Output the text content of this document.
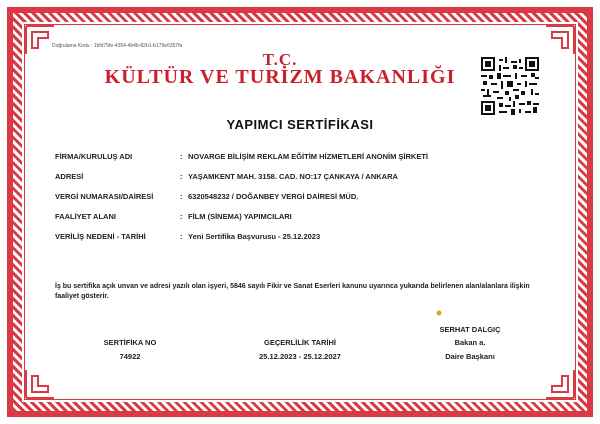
Doğrulama Kodu : 1bfd75fe-4364-4b4b-82b1-b179e6357fa
T.C.
KÜLTÜR VE TURİZM BAKANLIĞI
YAPIMCI SERTİFİKASI
FİRMA/KURULUŞ ADI	: NOVARGE BİLİŞİM REKLAM EĞİTİM HİZMETLERİ ANONİM ŞİRKETİ
ADRESİ	: YAŞAMKENT MAH. 3158. CAD. NO:17 ÇANKAYA / ANKARA
VERGİ NUMARASI/DAİRESİ	: 6320548232 / DOĞANBEY VERGİ DAİRESİ MÜD.
FAALİYET ALANI	: FİLM (SİNEMA) YAPIMCILARI
VERİLİŞ NEDENİ - TARİHİ	: Yeni Sertifika Başvurusu - 25.12.2023
İş bu sertifika açık unvan ve adresi yazılı olan işyeri, 5846 sayılı Fikir ve Sanat Eserleri kanunu uyarınca yukarıda belirlenen alan/alanlara ilişkin faaliyet gösterir.
SERTİFİKA NO
74922
GEÇERLİLİK TARİHİ
25.12.2023 - 25.12.2027
SERHAT DALGIÇ
Bakan a.
Daire Başkanı
